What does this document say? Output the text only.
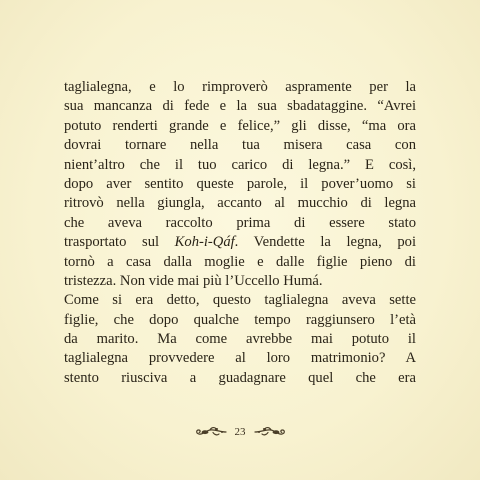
taglialegna, e lo rimproverò aspramente per la
sua mancanza di fede e la sua sbadataggine. “Avrei
potuto renderti grande e felice,” gli disse, “ma ora
dovrai tornare nella tua misera casa con
nient’altro che il tuo carico di legna.” E così,
dopo aver sentito queste parole, il pover’uomo si
ritrovò nella giungla, accanto al mucchio di legna
che aveva raccolto prima di essere stato
trasportato sul Koh-i-Qáf. Vendette la legna, poi
tornò a casa dalla moglie e dalle figlie pieno di
tristezza. Non vide mai più l’Uccello Humá.
Come si era detto, questo taglialegna aveva sette
figlie, che dopo qualche tempo raggiunsero l’età
da marito. Ma come avrebbe mai potuto il
taglialegna provvedere al loro matrimonio? A
stento riusciva a guadagnare quel che era
23
